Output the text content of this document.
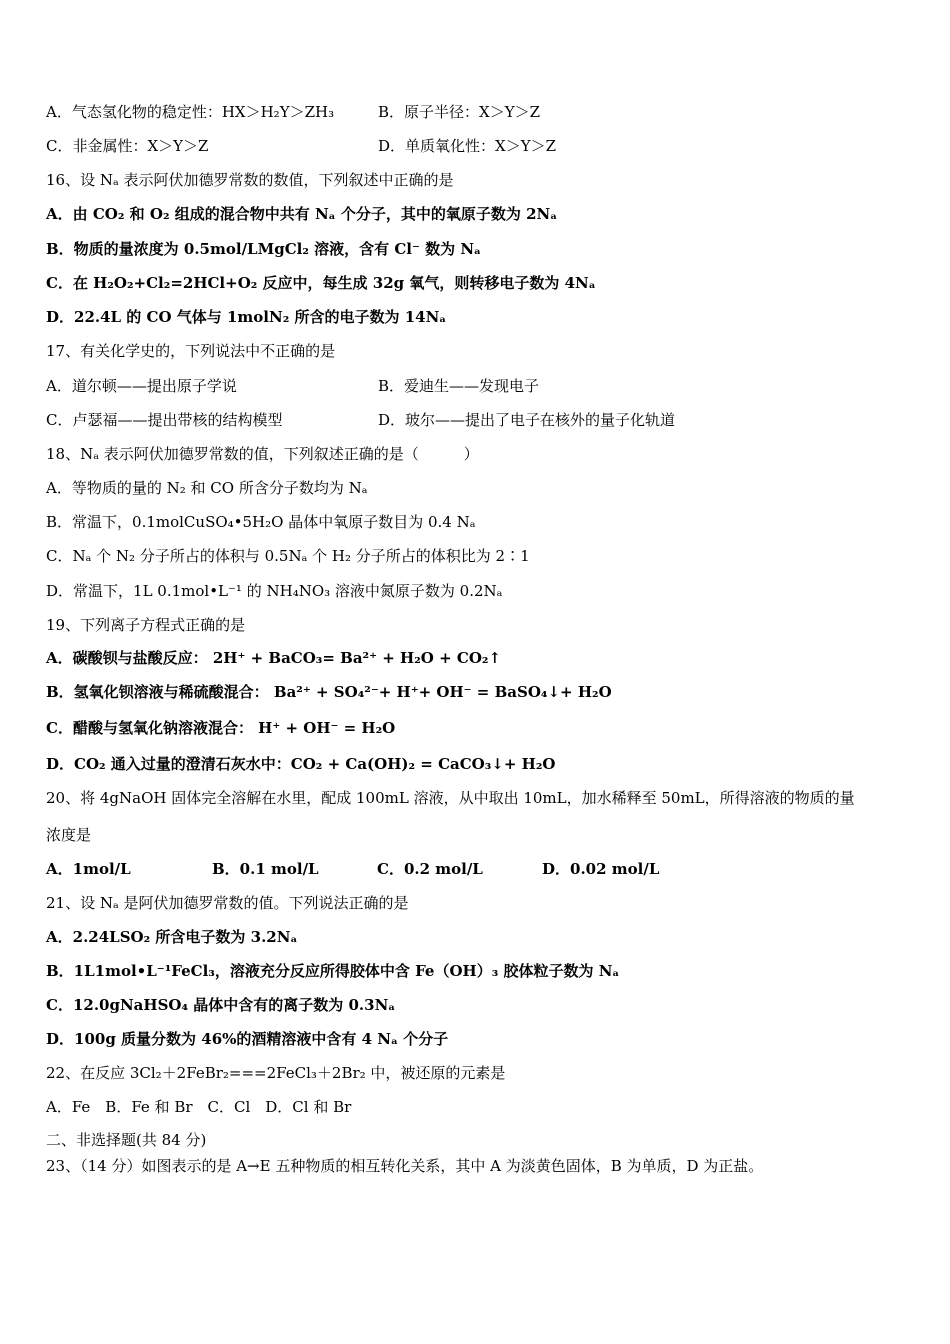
A．气态氢化物的稳定性：HX＞H₂Y＞ZH₃	B．原子半径：X＞Y＞Z
C．非金属性：X＞Y＞Z	D．单质氧化性：X＞Y＞Z
16、设 Nₐ 表示阿伏加德罗常数的数值，下列叙述中正确的是
A．由 CO₂ 和 O₂ 组成的混合物中共有 Nₐ 个分子，其中的氧原子数为 2Nₐ
B．物质的量浓度为 0.5mol/LMgCl₂ 溶液，含有 Cl⁻ 数为 Nₐ
C．在 H₂O₂+Cl₂=2HCl+O₂ 反应中，每生成 32g 氧气，则转移电子数为 4Nₐ
D．22.4L 的 CO 气体与 1molN₂ 所含的电子数为 14Nₐ
17、有关化学史的，下列说法中不正确的是
A．道尔顿——提出原子学说	B．爱迪生——发现电子
C．卢瑟福——提出带核的结构模型	D．玻尔——提出了电子在核外的量子化轨道
18、Nₐ 表示阿伏加德罗常数的值，下列叙述正确的是（　　　）
A．等物质的量的 N₂ 和 CO 所含分子数均为 Nₐ
B．常温下，0.1molCuSO₄•5H₂O 晶体中氧原子数目为 0.4 Nₐ
C．Nₐ 个 N₂ 分子所占的体积与 0.5Nₐ 个 H₂ 分子所占的体积比为 2∶1
D．常温下，1L 0.1mol•L⁻¹ 的 NH₄NO₃ 溶液中氮原子数为 0.2Nₐ
19、下列离子方程式正确的是
A．碳酸钡与盐酸反应： 2H⁺ + BaCO₃= Ba²⁺ + H₂O + CO₂↑
B．氢氧化钡溶液与稀硫酸混合： Ba²⁺ + SO₄²⁻+ H⁺+ OH⁻ = BaSO₄↓+ H₂O
C．醋酸与氢氧化钠溶液混合： H⁺ + OH⁻ = H₂O
D．CO₂ 通入过量的澄清石灰水中：CO₂ + Ca(OH)₂ = CaCO₃↓+ H₂O
20、将 4gNaOH 固体完全溶解在水里，配成 100mL 溶液，从中取出 10mL，加水稀释至 50mL，所得溶液的物质的量
浓度是
A．1mol/L	B．0.1 mol/L	C．0.2 mol/L	D．0.02 mol/L
21、设 Nₐ 是阿伏加德罗常数的值。下列说法正确的是
A．2.24LSO₂ 所含电子数为 3.2Nₐ
B．1L1mol•L⁻¹FeCl₃，溶液充分反应所得胶体中含 Fe（OH）₃ 胶体粒子数为 Nₐ
C．12.0gNaHSO₄ 晶体中含有的离子数为 0.3Nₐ
D．100g 质量分数为 46%的酒精溶液中含有 4 Nₐ 个分子
22、在反应 3Cl₂＋2FeBr₂===2FeCl₃＋2Br₂ 中，被还原的元素是
A．Fe　B．Fe 和 Br　C．Cl　D．Cl 和 Br
二、非选择题(共 84 分)
23、（14 分）如图表示的是 A→E 五种物质的相互转化关系，其中 A 为淡黄色固体，B 为单质，D 为正盐。
